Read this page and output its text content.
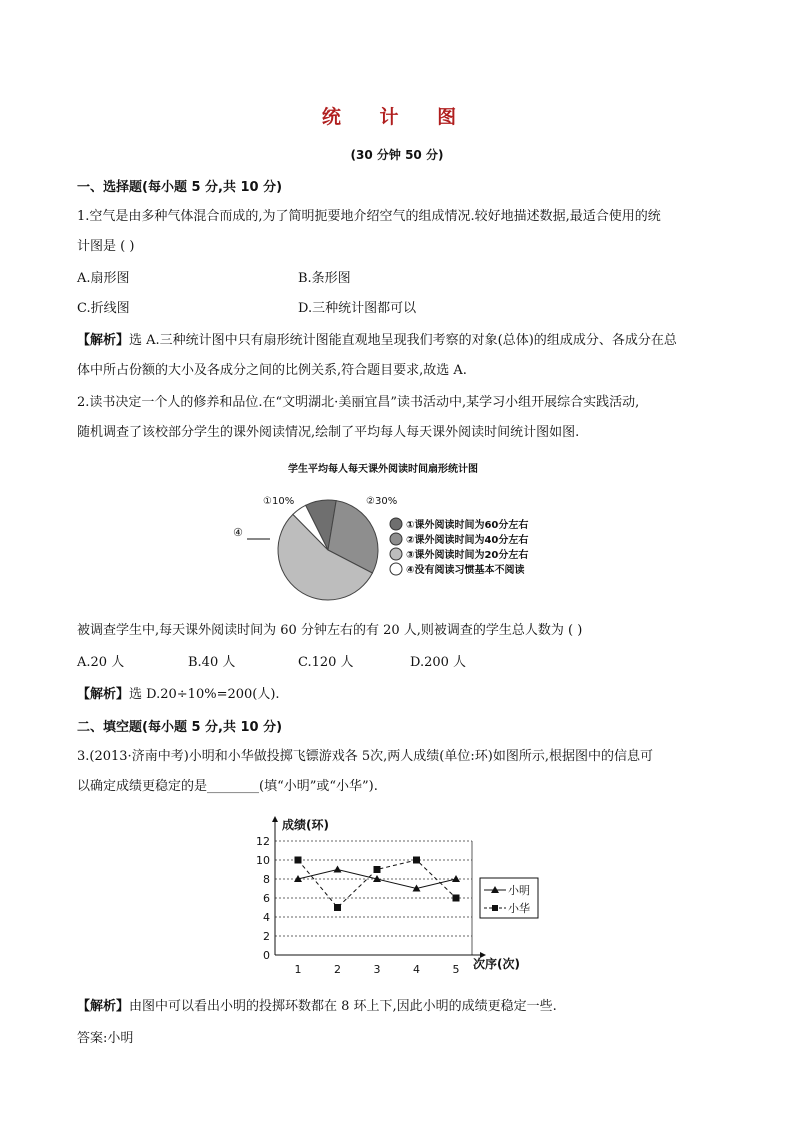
统 计 图
(30 分钟 50 分)
一、选择题(每小题 5 分,共 10 分)
1.空气是由多种气体混合而成的,为了简明扼要地介绍空气的组成情况.较好地描述数据,最适合使用的统
计图是 ( )
A.扇形图	B.条形图
C.折线图	D.三种统计图都可以
【解析】选 A.三种统计图中只有扇形统计图能直观地呈现我们考察的对象(总体)的组成成分、各成分在总
体中所占份额的大小及各成分之间的比例关系,符合题目要求,故选 A.
2.读书决定一个人的修养和品位.在“文明湖北·美丽宜昌”读书活动中,某学习小组开展综合实践活动,
随机调查了该校部分学生的课外阅读情况,绘制了平均每人每天课外阅读时间统计图如图.
学生平均每人每天课外阅读时间扇形统计图
①10%	②30%
④
①课外阅读时间为60分左右
②课外阅读时间为40分左右
③课外阅读时间为20分左右
④没有阅读习惯基本不阅读
被调查学生中,每天课外阅读时间为 60 分钟左右的有 20 人,则被调查的学生总人数为 ( )
A.20 人	B.40 人	C.120 人	D.200 人
【解析】选 D.20÷10%=200(人).
二、填空题(每小题 5 分,共 10 分)
3.(2013·济南中考)小明和小华做投掷飞镖游戏各 5次,两人成绩(单位:环)如图所示,根据图中的信息可
以确定成绩更稳定的是________(填“小明”或“小华”).
成绩(环)
次序(次)
0
2
4
6
8
10
12
1	2	3	4	5
小明
小华
【解析】由图中可以看出小明的投掷环数都在 8 环上下,因此小明的成绩更稳定一些.
答案:小明
